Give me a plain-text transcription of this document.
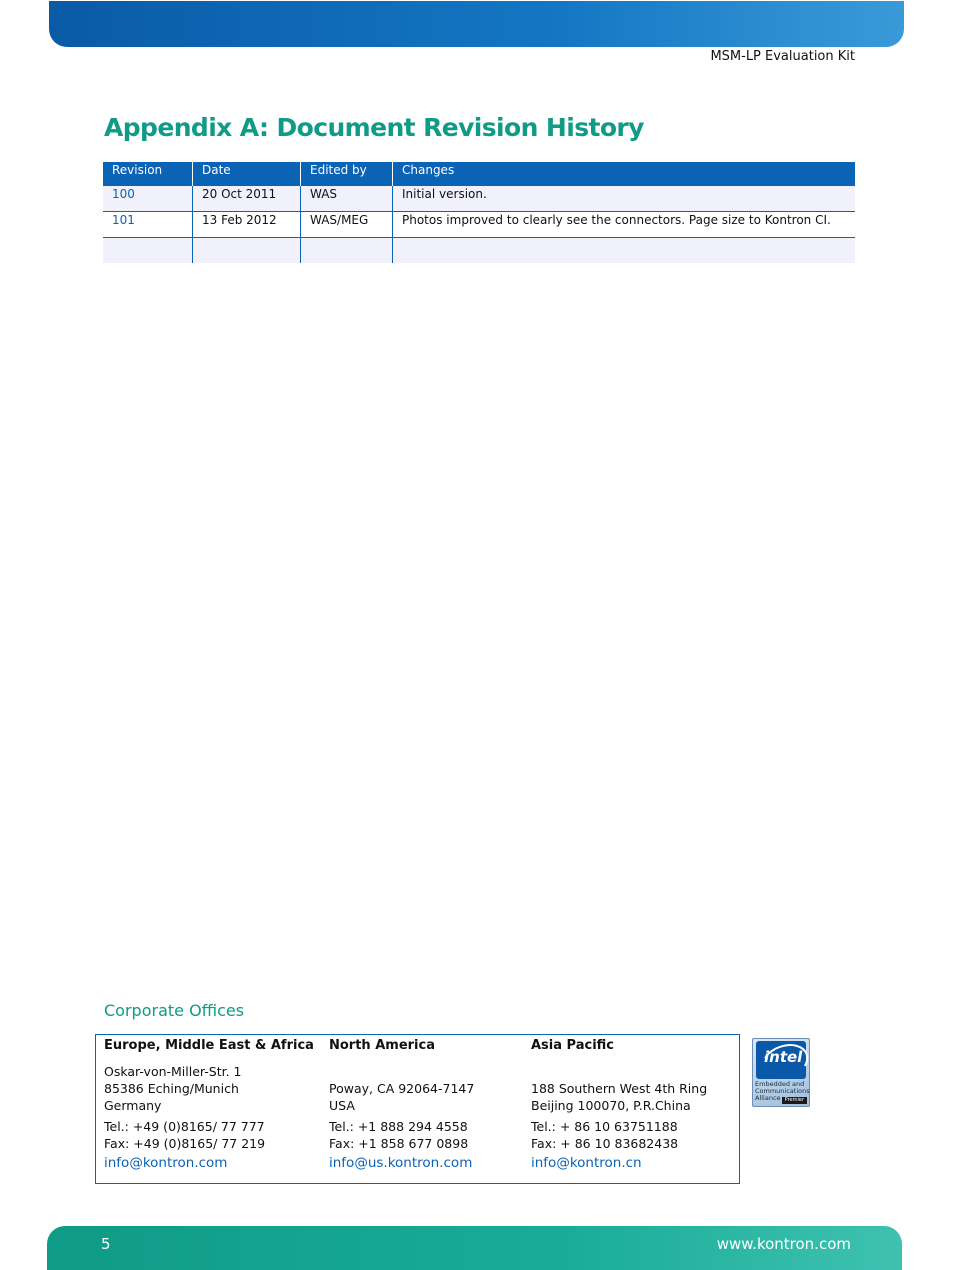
MSM-LP Evaluation Kit
Appendix A: Document Revision History
Revision	Date	Edited by	Changes
100	20 Oct 2011	WAS	Initial version.
101	13 Feb 2012	WAS/MEG	Photos improved to clearly see the connectors. Page size to Kontron CI.

Corporate Offices
Europe, Middle East & Africa
Oskar-von-Miller-Str. 1
85386 Eching/Munich
Germany
Tel.: +49 (0)8165/ 77 777
Fax: +49 (0)8165/ 77 219
info@kontron.com
North America
Poway, CA 92064-7147
USA
Tel.: +1 888 294 4558
Fax: +1 858 677 0898
info@us.kontron.com
Asia Pacific
188 Southern West 4th Ring
Beijing 100070, P.R.China
Tel.: + 86 10 63751188
Fax: + 86 10 83682438
info@kontron.cn
intel
Embedded and
Communications
Alliance Premier
5	www.kontron.com
